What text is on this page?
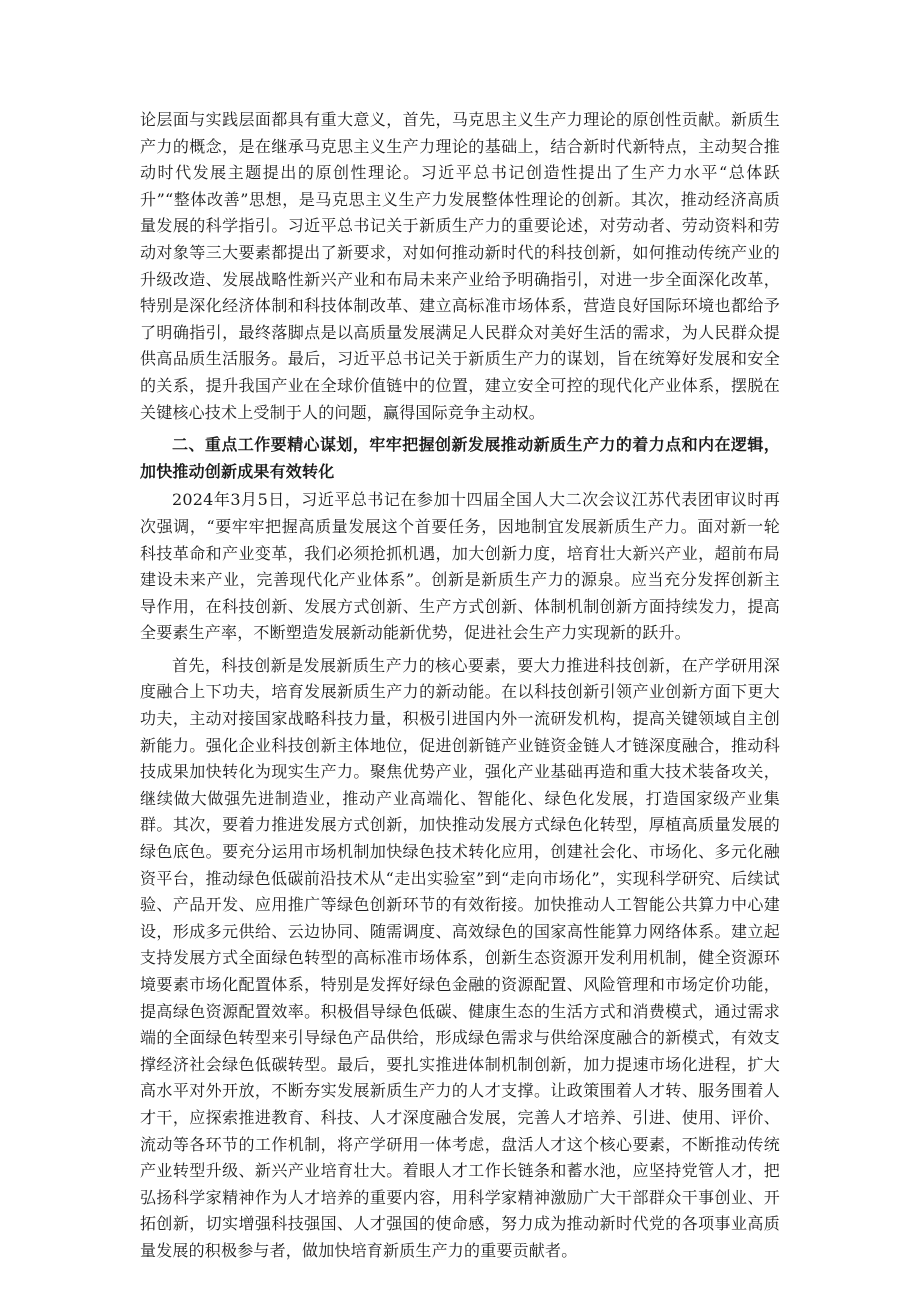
论层面与实践层面都具有重大意义，首先，马克思主义生产力理论的原创性贡献。新质生产力的概念，是在继承马克思主义生产力理论的基础上，结合新时代新特点，主动契合推动时代发展主题提出的原创性理论。习近平总书记创造性提出了生产力水平“总体跃升”“整体改善”思想，是马克思主义生产力发展整体性理论的创新。其次，推动经济高质量发展的科学指引。习近平总书记关于新质生产力的重要论述，对劳动者、劳动资料和劳动对象等三大要素都提出了新要求，对如何推动新时代的科技创新，如何推动传统产业的升级改造、发展战略性新兴产业和布局未来产业给予明确指引，对进一步全面深化改革，特别是深化经济体制和科技体制改革、建立高标准市场体系，营造良好国际环境也都给予了明确指引，最终落脚点是以高质量发展满足人民群众对美好生活的需求，为人民群众提供高品质生活服务。最后，习近平总书记关于新质生产力的谋划，旨在统筹好发展和安全的关系，提升我国产业在全球价值链中的位置，建立安全可控的现代化产业体系，摆脱在关键核心技术上受制于人的问题，赢得国际竞争主动权。

二、重点工作要精心谋划，牢牢把握创新发展推动新质生产力的着力点和内在逻辑，加快推动创新成果有效转化

2024年3月5日，习近平总书记在参加十四届全国人大二次会议江苏代表团审议时再次强调，“要牢牢把握高质量发展这个首要任务，因地制宜发展新质生产力。面对新一轮科技革命和产业变革，我们必须抢抓机遇，加大创新力度，培育壮大新兴产业，超前布局建设未来产业，完善现代化产业体系”。创新是新质生产力的源泉。应当充分发挥创新主导作用，在科技创新、发展方式创新、生产方式创新、体制机制创新方面持续发力，提高全要素生产率，不断塑造发展新动能新优势，促进社会生产力实现新的跃升。

首先，科技创新是发展新质生产力的核心要素，要大力推进科技创新，在产学研用深度融合上下功夫，培育发展新质生产力的新动能。在以科技创新引领产业创新方面下更大功夫，主动对接国家战略科技力量，积极引进国内外一流研发机构，提高关键领域自主创新能力。强化企业科技创新主体地位，促进创新链产业链资金链人才链深度融合，推动科技成果加快转化为现实生产力。聚焦优势产业，强化产业基础再造和重大技术装备攻关，继续做大做强先进制造业，推动产业高端化、智能化、绿色化发展，打造国家级产业集群。其次，要着力推进发展方式创新，加快推动发展方式绿色化转型，厚植高质量发展的绿色底色。要充分运用市场机制加快绿色技术转化应用，创建社会化、市场化、多元化融资平台，推动绿色低碳前沿技术从“走出实验室”到“走向市场化”，实现科学研究、后续试验、产品开发、应用推广等绿色创新环节的有效衔接。加快推动人工智能公共算力中心建设，形成多元供给、云边协同、随需调度、高效绿色的国家高性能算力网络体系。建立起支持发展方式全面绿色转型的高标准市场体系，创新生态资源开发利用机制，健全资源环境要素市场化配置体系，特别是发挥好绿色金融的资源配置、风险管理和市场定价功能，提高绿色资源配置效率。积极倡导绿色低碳、健康生态的生活方式和消费模式，通过需求端的全面绿色转型来引导绿色产品供给，形成绿色需求与供给深度融合的新模式，有效支撑经济社会绿色低碳转型。最后，要扎实推进体制机制创新，加力提速市场化进程，扩大高水平对外开放，不断夯实发展新质生产力的人才支撑。让政策围着人才转、服务围着人才干，应探索推进教育、科技、人才深度融合发展，完善人才培养、引进、使用、评价、流动等各环节的工作机制，将产学研用一体考虑，盘活人才这个核心要素，不断推动传统产业转型升级、新兴产业培育壮大。着眼人才工作长链条和蓄水池，应坚持党管人才，把弘扬科学家精神作为人才培养的重要内容，用科学家精神激励广大干部群众干事创业、开拓创新，切实增强科技强国、人才强国的使命感，努力成为推动新时代党的各项事业高质量发展的积极参与者，做加快培育新质生产力的重要贡献者。
